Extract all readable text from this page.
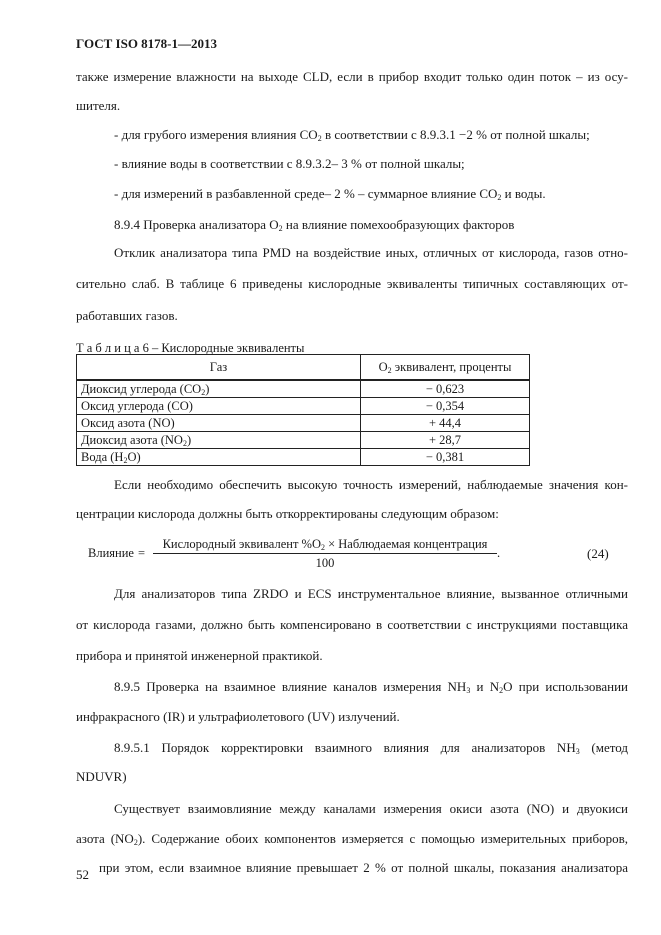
ГОСТ ISO 8178-1—2013

также измерение влажности на выходе CLD, если в прибор входит только один поток – из осу-

шителя.

- для грубого измерения влияния $CO_2$ в соответствии с 8.9.3.1 −2 % от полной шкалы;

- влияние воды в соответствии с 8.9.3.2– 3 % от полной шкалы;

- для измерений в разбавленной среде– 2 % – суммарное влияние $CO_2$ и воды.

8.9.4 Проверка анализатора $O_2$ на влияние помехообразующих факторов

Отклик анализатора типа PMD на воздействие иных, отличных от кислорода, газов отно-

сительно слаб. В таблице 6 приведены кислородные эквиваленты типичных составляющих от-

работавших газов.

Т а б л и ц а 6 – Кислородные эквиваленты
Газ	$O_2$ эквивалент, проценты
Диоксид углерода $(CO_2)$	− 0,623
Оксид углерода (CO)	− 0,354
Оксид азота (NO)	+ 44,4
Диоксид азота $(NO_2)$	+ 28,7
Вода $(H_2O)$	− 0,381

Если необходимо обеспечить высокую точность измерений, наблюдаемые значения кон-

центрации кислорода должны быть откорректированы следующим образом:

Влияние =
Кислородный эквивалент $\%O_2$ × Наблюдаемая концентрация
100
.	(24)

Для анализаторов типа ZRDO и ECS инструментальное влияние, вызванное отличными

от кислорода газами, должно быть компенсировано в соответствии с инструкциями поставщика

прибора и принятой инженерной практикой.

8.9.5 Проверка на взаимное влияние каналов измерения $NH_3$ и $N_2O$ при использовании

инфракрасного (IR) и ультрафиолетового (UV) излучений.

8.9.5.1 Порядок корректировки взаимного влияния для анализаторов $NH_3$ (метод

NDUVR)

Существует взаимовлияние между каналами измерения окиси азота (NO) и двуокиси

азота $(NO_2)$. Содержание обоих компонентов измеряется с помощью измерительных приборов,

при этом, если взаимное влияние превышает 2 % от полной шкалы, показания анализатора

52
